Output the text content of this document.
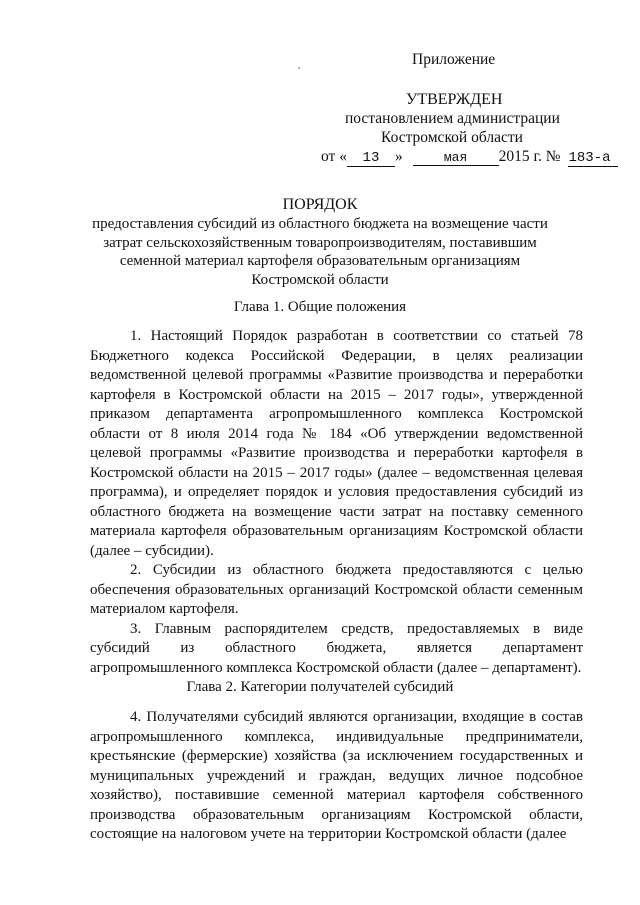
Приложение
УТВЕРЖДЕН
постановлением администрации
Костромской области
от « 13 »	мая 2015 г. № 183-а
ПОРЯДОК
предоставления субсидий из областного бюджета на возмещение части
затрат сельскохозяйственным товаропроизводителям, поставившим
семенной материал картофеля образовательным организациям
Костромской области
Глава 1. Общие положения

1. Настоящий Порядок разработан в соответствии со статьей 78 Бюджетного кодекса Российской Федерации, в целях реализации ведомственной целевой программы «Развитие производства и переработки картофеля в Костромской области на 2015 – 2017 годы», утвержденной приказом департамента агропромышленного комплекса Костромской области от 8 июля 2014 года № 184 «Об утверждении ведомственной целевой программы «Развитие производства и переработки картофеля в Костромской области на 2015 – 2017 годы» (далее – ведомственная целевая программа), и определяет порядок и условия предоставления субсидий из областного бюджета на возмещение части затрат на поставку семенного материала картофеля образовательным организациям Костромской области (далее – субсидии).

2. Субсидии из областного бюджета предоставляются с целью обеспечения образовательных организаций Костромской области семенным материалом картофеля.

3. Главным распорядителем средств, предоставляемых в виде субсидий из областного бюджета, является департамент агропромышленного комплекса Костромской области (далее – департамент).

Глава 2. Категории получателей субсидий

4. Получателями субсидий являются организации, входящие в состав агропромышленного комплекса, индивидуальные предприниматели, крестьянские (фермерские) хозяйства (за исключением государственных и муниципальных учреждений и граждан, ведущих личное подсобное хозяйство), поставившие семенной материал картофеля собственного производства образовательным организациям Костромской области, состоящие на налоговом учете на территории Костромской области (далее
